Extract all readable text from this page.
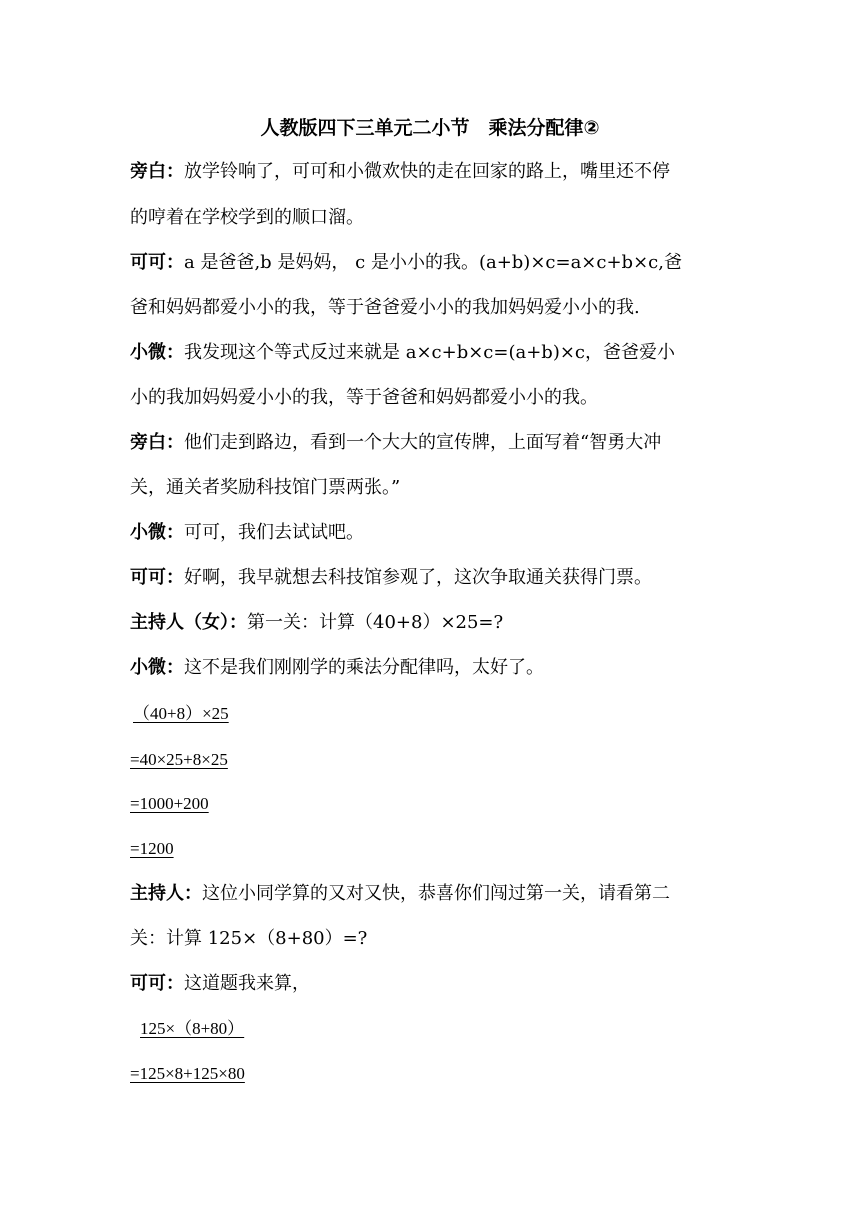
人教版四下三单元二小节　乘法分配律②
旁白：放学铃响了，可可和小微欢快的走在回家的路上，嘴里还不停
的哼着在学校学到的顺口溜。
可可：a 是爸爸,b 是妈妈， c 是小小的我。(a+b)×c=a×c+b×c,爸
爸和妈妈都爱小小的我，等于爸爸爱小小的我加妈妈爱小小的我.
小微：我发现这个等式反过来就是 a×c+b×c=(a+b)×c，爸爸爱小
小的我加妈妈爱小小的我，等于爸爸和妈妈都爱小小的我。
旁白：他们走到路边，看到一个大大的宣传牌，上面写着“智勇大冲
关，通关者奖励科技馆门票两张。”
小微：可可，我们去试试吧。
可可：好啊，我早就想去科技馆参观了，这次争取通关获得门票。
主持人（女）：第一关：计算（40+8）×25=?
小微：这不是我们刚刚学的乘法分配律吗，太好了。
（40+8）×25
=40×25+8×25
=1000+200
=1200
主持人：这位小同学算的又对又快，恭喜你们闯过第一关，请看第二
关：计算 125×（8+80）=?
可可：这道题我来算，
125×（8+80）
=125×8+125×80
